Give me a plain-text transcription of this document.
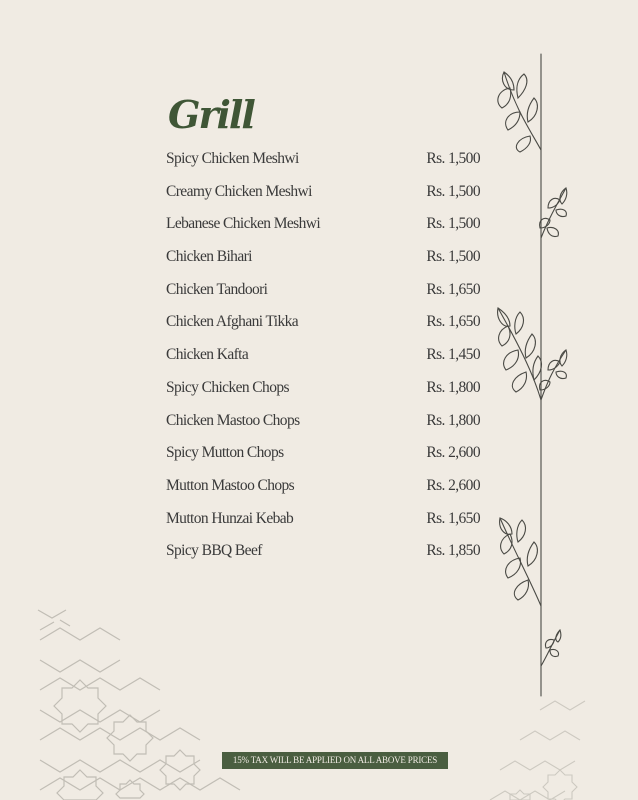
Grill
Spicy Chicken Meshwi	Rs. 1,500
Creamy Chicken Meshwi	Rs. 1,500
Lebanese Chicken Meshwi	Rs. 1,500
Chicken Bihari	Rs. 1,500
Chicken Tandoori	Rs. 1,650
Chicken Afghani Tikka	Rs. 1,650
Chicken Kafta	Rs. 1,450
Spicy Chicken Chops	Rs. 1,800
Chicken Mastoo Chops	Rs. 1,800
Spicy Mutton Chops	Rs. 2,600
Mutton Mastoo Chops	Rs. 2,600
Mutton Hunzai Kebab	Rs. 1,650
Spicy BBQ Beef	Rs. 1,850
15% TAX WILL BE APPLIED ON ALL ABOVE PRICES
